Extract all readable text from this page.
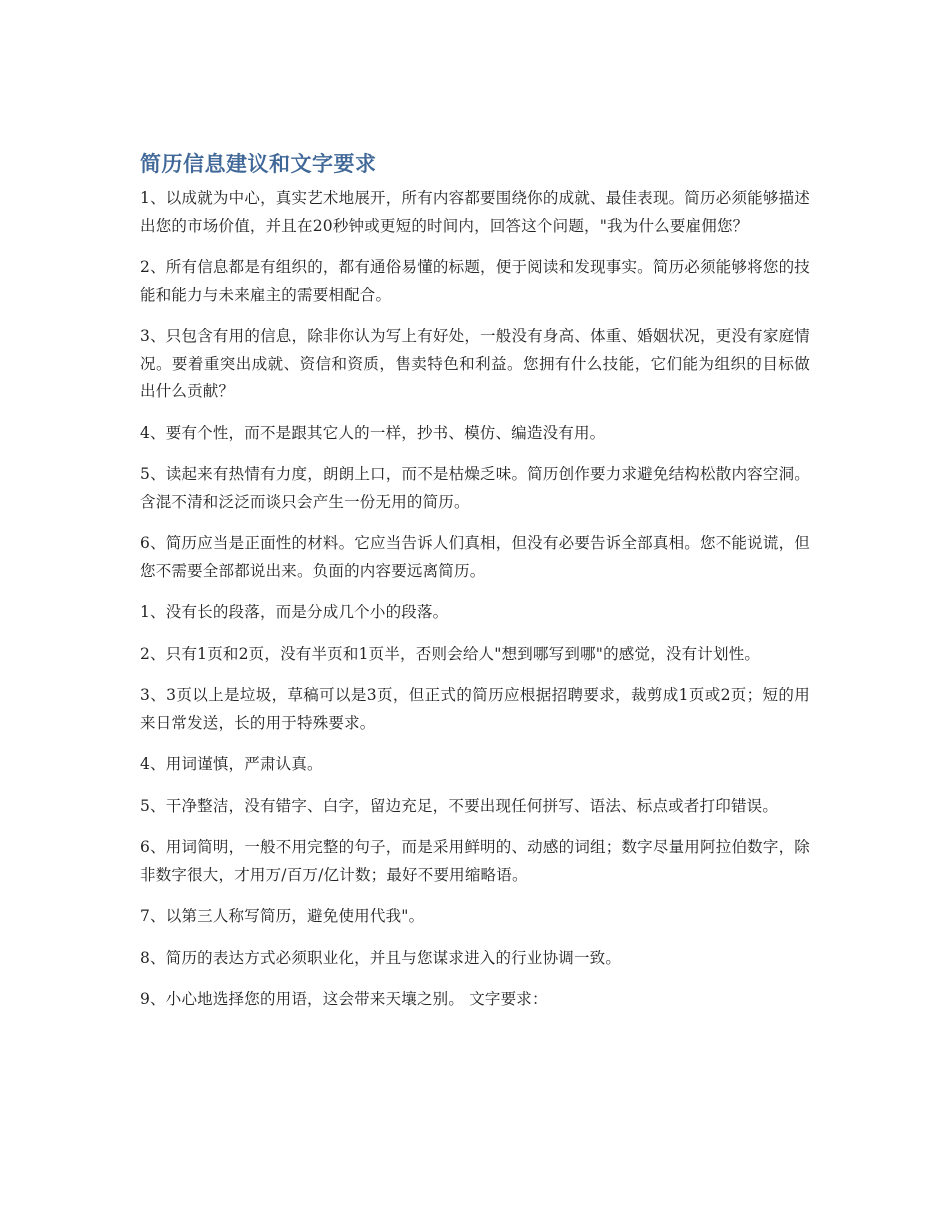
简历信息建议和文字要求

1、以成就为中心，真实艺术地展开，所有内容都要围绕你的成就、最佳表现。简历必须能够描述出您的市场价值，并且在20秒钟或更短的时间内，回答这个问题，"我为什么要雇佣您？

2、所有信息都是有组织的，都有通俗易懂的标题，便于阅读和发现事实。简历必须能够将您的技能和能力与未来雇主的需要相配合。

3、只包含有用的信息，除非你认为写上有好处，一般没有身高、体重、婚姻状况，更没有家庭情况。要着重突出成就、资信和资质，售卖特色和利益。您拥有什么技能，它们能为组织的目标做出什么贡献？

4、要有个性，而不是跟其它人的一样，抄书、模仿、编造没有用。

5、读起来有热情有力度，朗朗上口，而不是枯燥乏味。简历创作要力求避免结构松散内容空洞。含混不清和泛泛而谈只会产生一份无用的简历。

6、简历应当是正面性的材料。它应当告诉人们真相，但没有必要告诉全部真相。您不能说谎，但您不需要全部都说出来。负面的内容要远离简历。

1、没有长的段落，而是分成几个小的段落。

2、只有1页和2页，没有半页和1页半，否则会给人"想到哪写到哪"的感觉，没有计划性。

3、3页以上是垃圾，草稿可以是3页，但正式的简历应根据招聘要求，裁剪成1页或2页；短的用来日常发送，长的用于特殊要求。

4、用词谨慎，严肃认真。

5、干净整洁，没有错字、白字，留边充足，不要出现任何拼写、语法、标点或者打印错误。

6、用词简明，一般不用完整的句子，而是采用鲜明的、动感的词组；数字尽量用阿拉伯数字，除非数字很大，才用万/百万/亿计数；最好不要用缩略语。

7、以第三人称写简历，避免使用代我"。

8、简历的表达方式必须职业化，并且与您谋求进入的行业协调一致。

9、小心地选择您的用语，这会带来天壤之别。 文字要求：
